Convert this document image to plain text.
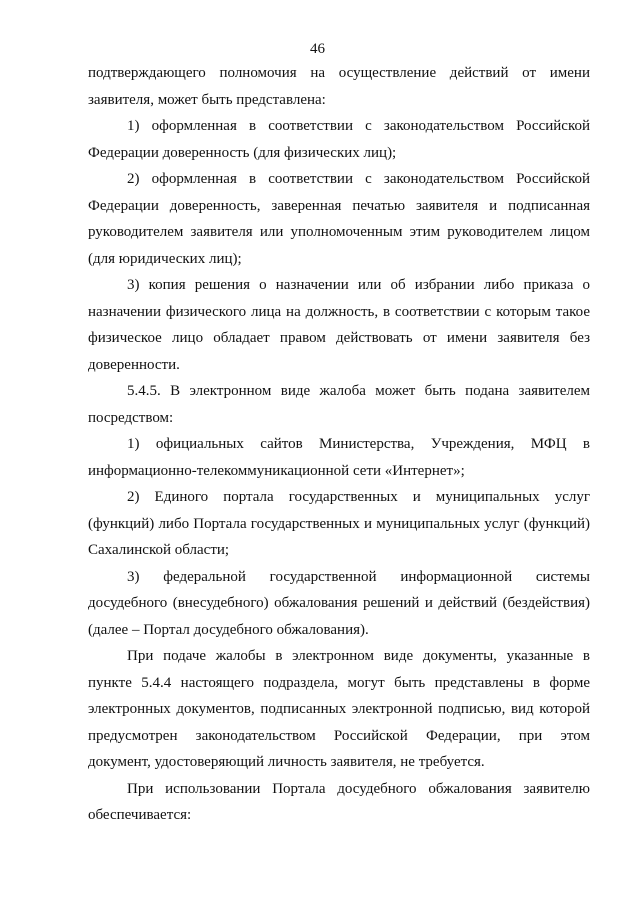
46

подтверждающего полномочия на осуществление действий от имени

заявителя, может быть представлена:

1) оформленная в соответствии с законодательством Российской

Федерации доверенность (для физических лиц);

2) оформленная в соответствии с законодательством Российской

Федерации доверенность, заверенная печатью заявителя и подписанная

руководителем заявителя или уполномоченным этим руководителем лицом

(для юридических лиц);

3) копия решения о назначении или об избрании либо приказа о

назначении физического лица на должность, в соответствии с которым такое

физическое лицо обладает правом действовать от имени заявителя без

доверенности.

5.4.5. В электронном виде жалоба может быть подана заявителем

посредством:

1) официальных сайтов Министерства, Учреждения, МФЦ в

информационно-телекоммуникационной сети «Интернет»;

2) Единого портала государственных и муниципальных услуг

(функций) либо Портала государственных и муниципальных услуг (функций)

Сахалинской области;

3) федеральной государственной информационной системы

досудебного (внесудебного) обжалования решений и действий (бездействия)

(далее – Портал досудебного обжалования).

При подаче жалобы в электронном виде документы, указанные в

пункте 5.4.4 настоящего подраздела, могут быть представлены в форме

электронных документов, подписанных электронной подписью, вид которой

предусмотрен законодательством Российской Федерации, при этом

документ, удостоверяющий личность заявителя, не требуется.

При использовании Портала досудебного обжалования заявителю

обеспечивается:
